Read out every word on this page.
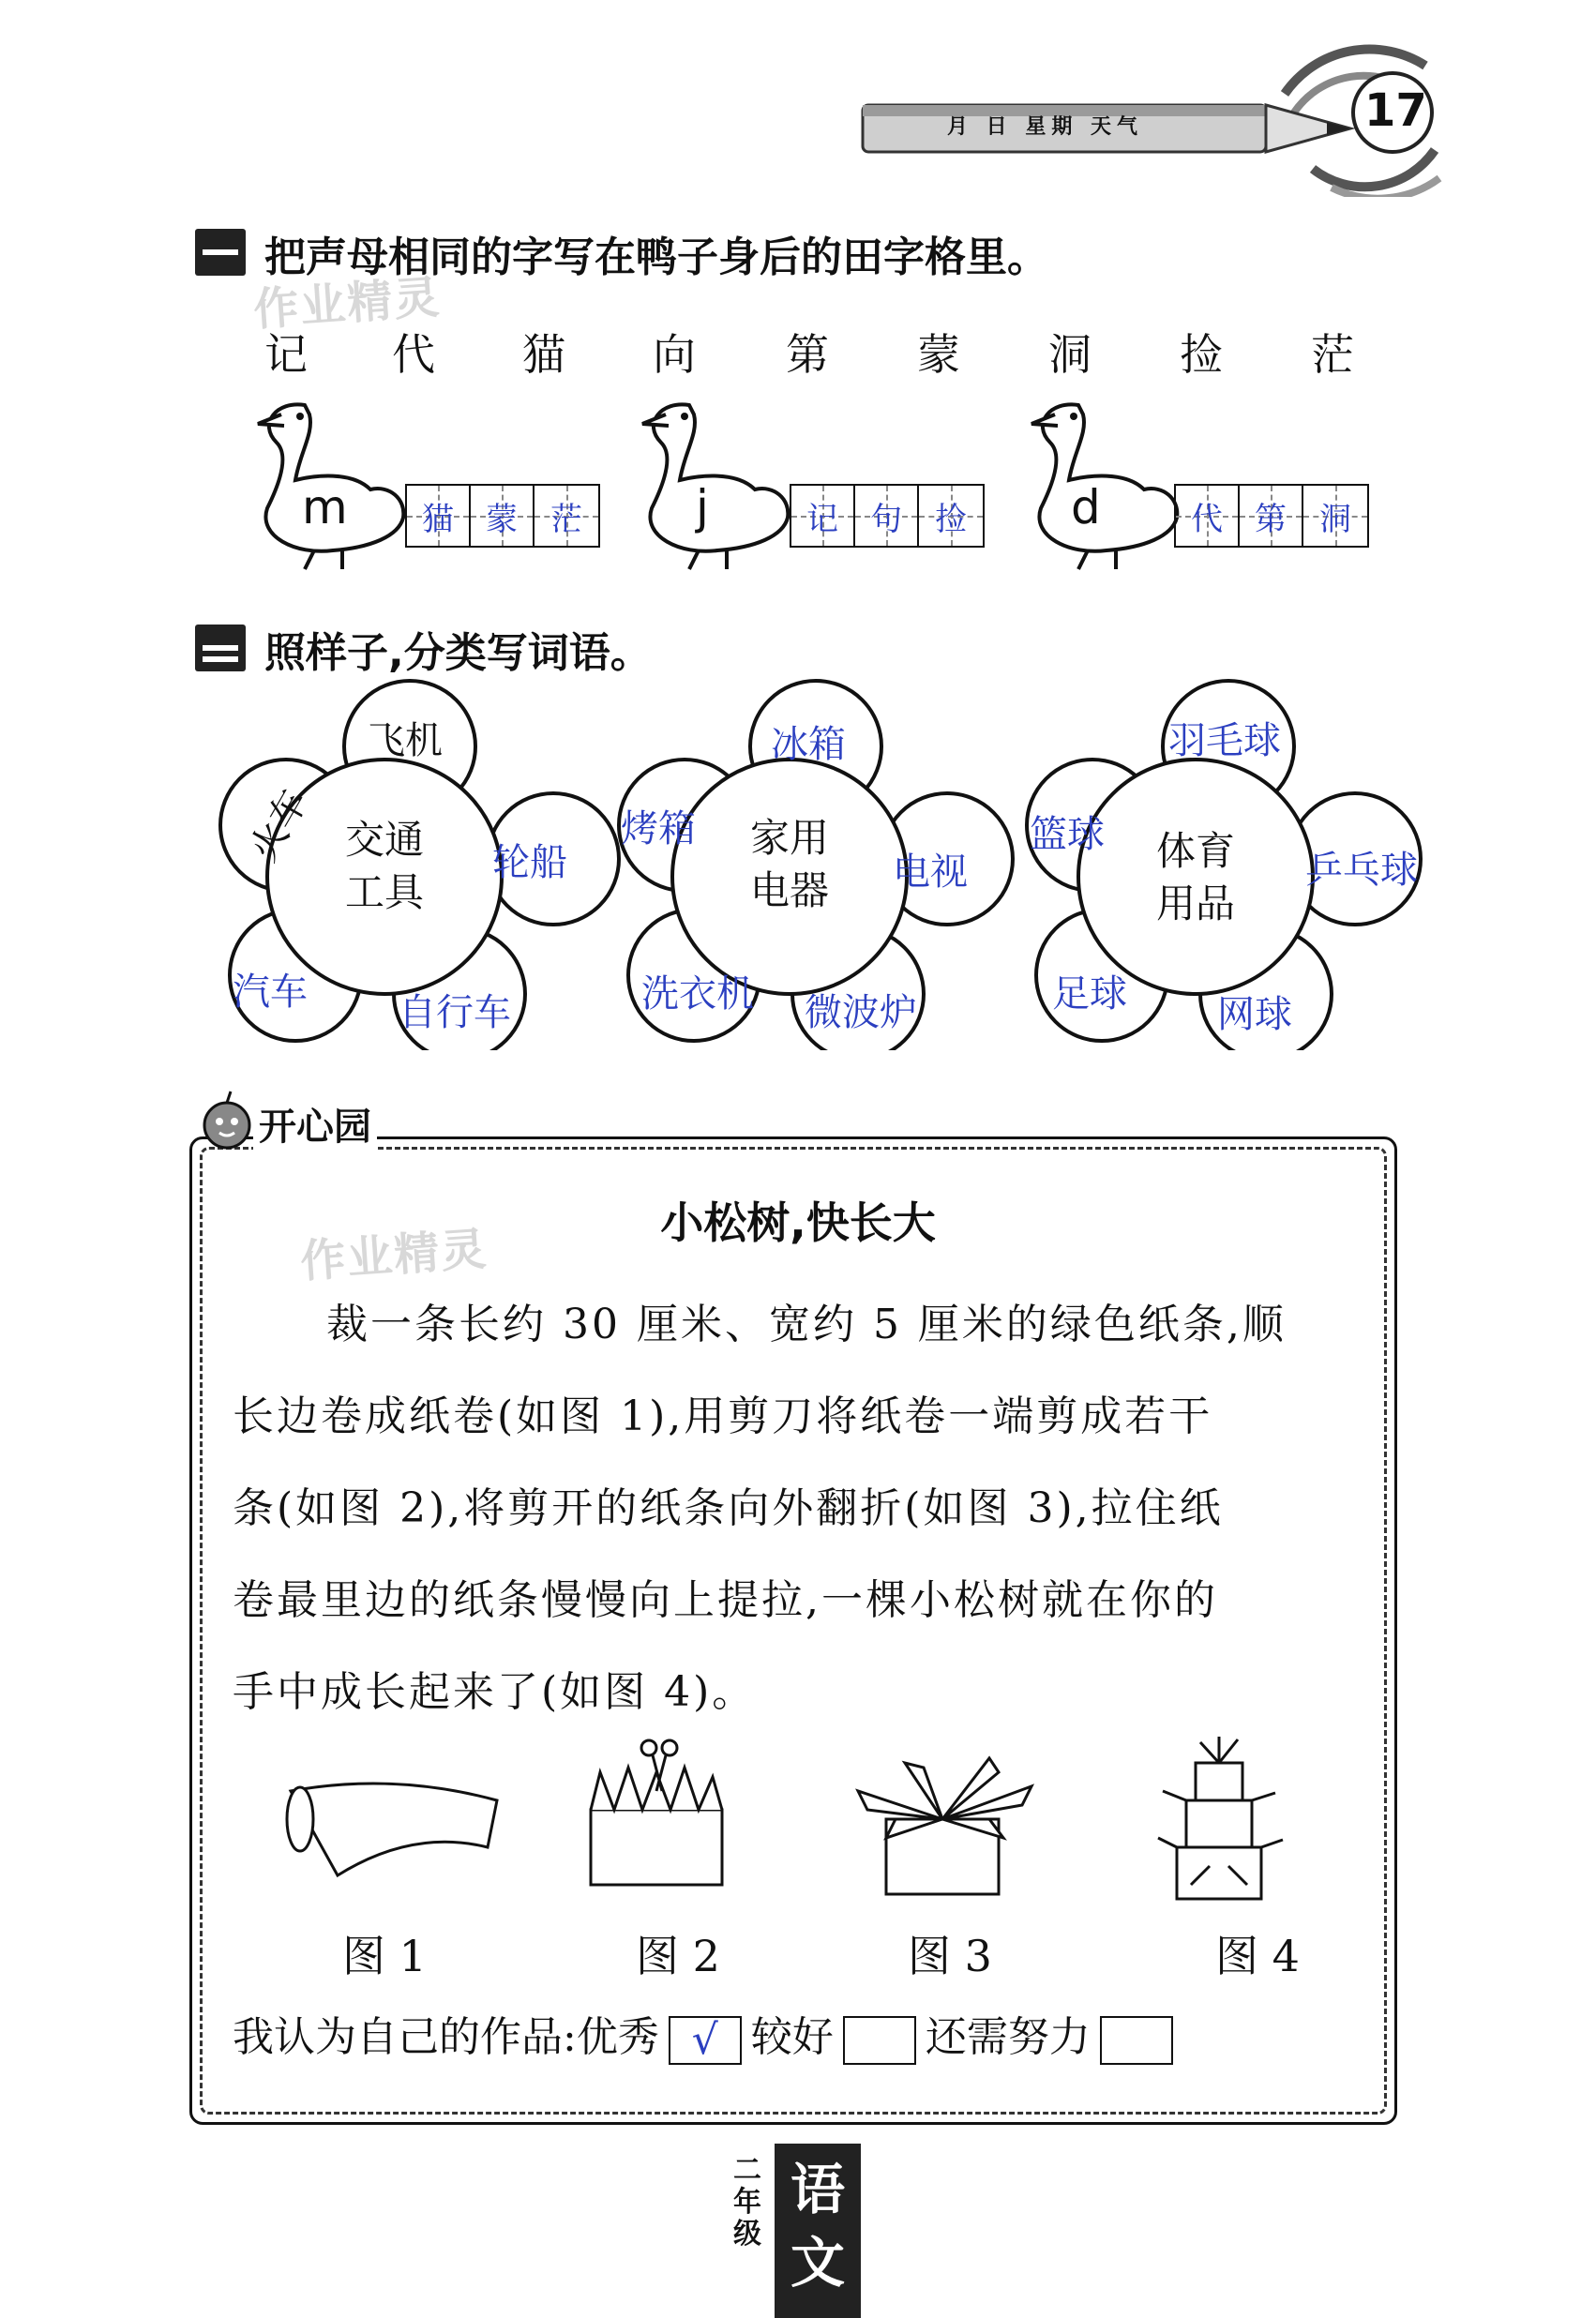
月 日 星期 天气	17
把声母相同的字写在鸭子身后的田字格里。
作业精灵
记 代 猫 向 第 蒙 洞 捡 茫
m 猫 蒙 茫 j	记 句 捡 d	代 第 洞
照样子,分类写词语。
交通
工具
飞机
火车	轮船
汽车 自行车
家用
电器
冰箱
烤箱
电视
洗衣机 微波炉
体育
用品
羽毛球
篮球
乒乓球
足球 网球
开心园
作业精灵
小松树,快长大
裁一条长约 30 厘米、宽约 5 厘米的绿色纸条,顺
长边卷成纸卷(如图 1),用剪刀将纸卷一端剪成若干
条(如图 2),将剪开的纸条向外翻折(如图 3),拉住纸
卷最里边的纸条慢慢向上提拉,一棵小松树就在你的
手中成长起来了(如图 4)。
图 1	图 2	图 3	图 4
我认为自己的作品:优秀 √ 较好 还需努力
二年级
语文
